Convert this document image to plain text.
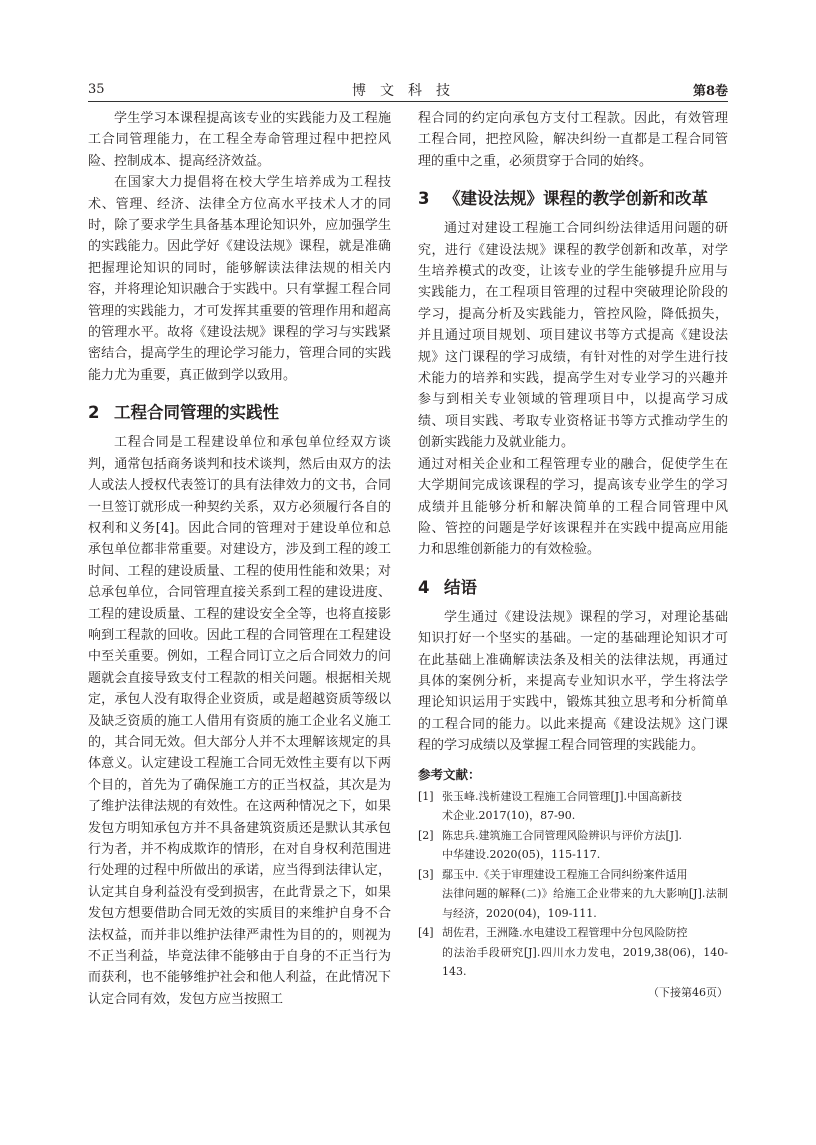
35	博文科技	第8卷

学生学习本课程提高该专业的实践能力及工程施工合同管理能力，在工程全寿命管理过程中把控风险、控制成本、提高经济效益。

在国家大力提倡将在校大学生培养成为工程技术、管理、经济、法律全方位高水平技术人才的同时，除了要求学生具备基本理论知识外，应加强学生的实践能力。因此学好《建设法规》课程，就是准确把握理论知识的同时，能够解读法律法规的相关内容，并将理论知识融合于实践中。只有掌握工程合同管理的实践能力，才可发挥其重要的管理作用和超高的管理水平。故将《建设法规》课程的学习与实践紧密结合，提高学生的理论学习能力，管理合同的实践能力尤为重要，真正做到学以致用。

2 工程合同管理的实践性

工程合同是工程建设单位和承包单位经双方谈判，通常包括商务谈判和技术谈判，然后由双方的法人或法人授权代表签订的具有法律效力的文书，合同一旦签订就形成一种契约关系，双方必须履行各自的权利和义务[4]。因此合同的管理对于建设单位和总承包单位都非常重要。对建设方，涉及到工程的竣工时间、工程的建设质量、工程的使用性能和效果；对总承包单位，合同管理直接关系到工程的建设进度、工程的建设质量、工程的建设安全全等，也将直接影响到工程款的回收。因此工程的合同管理在工程建设中至关重要。例如，工程合同订立之后合同效力的问题就会直接导致支付工程款的相关问题。根据相关规定，承包人没有取得企业资质，或是超越资质等级以及缺乏资质的施工人借用有资质的施工企业名义施工的，其合同无效。但大部分人并不太理解该规定的具体意义。认定建设工程施工合同无效性主要有以下两个目的，首先为了确保施工方的正当权益，其次是为了维护法律法规的有效性。在这两种情况之下，如果发包方明知承包方并不具备建筑资质还是默认其承包行为者，并不构成欺诈的情形，在对自身权利范围进行处理的过程中所做出的承诺，应当得到法律认定，认定其自身利益没有受到损害，在此背景之下，如果发包方想要借助合同无效的实质目的来维护自身不合法权益，而并非以维护法律严肃性为目的的，则视为不正当利益，毕竟法律不能够由于自身的不正当行为而获利，也不能够维护社会和他人利益，在此情况下认定合同有效，发包方应当按照工

程合同的约定向承包方支付工程款。因此，有效管理工程合同，把控风险，解决纠纷一直都是工程合同管理的重中之重，必须贯穿于合同的始终。

3 《建设法规》课程的教学创新和改革

通过对建设工程施工合同纠纷法律适用问题的研究，进行《建设法规》课程的教学创新和改革，对学生培养模式的改变，让该专业的学生能够提升应用与实践能力，在工程项目管理的过程中突破理论阶段的学习，提高分析及实践能力，管控风险，降低损失，并且通过项目规划、项目建议书等方式提高《建设法规》这门课程的学习成绩，有针对性的对学生进行技术能力的培养和实践，提高学生对专业学习的兴趣并参与到相关专业领域的管理项目中，以提高学习成绩、项目实践、考取专业资格证书等方式推动学生的创新实践能力及就业能力。

通过对相关企业和工程管理专业的融合，促使学生在大学期间完成该课程的学习，提高该专业学生的学习成绩并且能够分析和解决简单的工程合同管理中风险、管控的问题是学好该课程并在实践中提高应用能力和思维创新能力的有效检验。

4 结语

学生通过《建设法规》课程的学习，对理论基础知识打好一个坚实的基础。一定的基础理论知识才可在此基础上准确解读法条及相关的法律法规，再通过具体的案例分析，来提高专业知识水平，学生将法学理论知识运用于实践中，锻炼其独立思考和分析简单的工程合同的能力。以此来提高《建设法规》这门课程的学习成绩以及掌握工程合同管理的实践能力。

参考文献：
[1] 张玉峰.浅析建设工程施工合同管理[J].中国高新技
术企业.2017(10)，87-90.
[2] 陈忠兵.建筑施工合同管理风险辨识与评价方法[J].
中华建设.2020(05)，115-117.
[3] 鄢玉中.《关于审理建设工程施工合同纠纷案件适用
法律问题的解释(二)》给施工企业带来的九大影响[J].法制与经济，2020(04)，109-111.
[4] 胡佐君，王洲隆.水电建设工程管理中分包风险防控
的法治手段研究[J].四川水力发电，2019,38(06)，140-143.
（下接第46页）
